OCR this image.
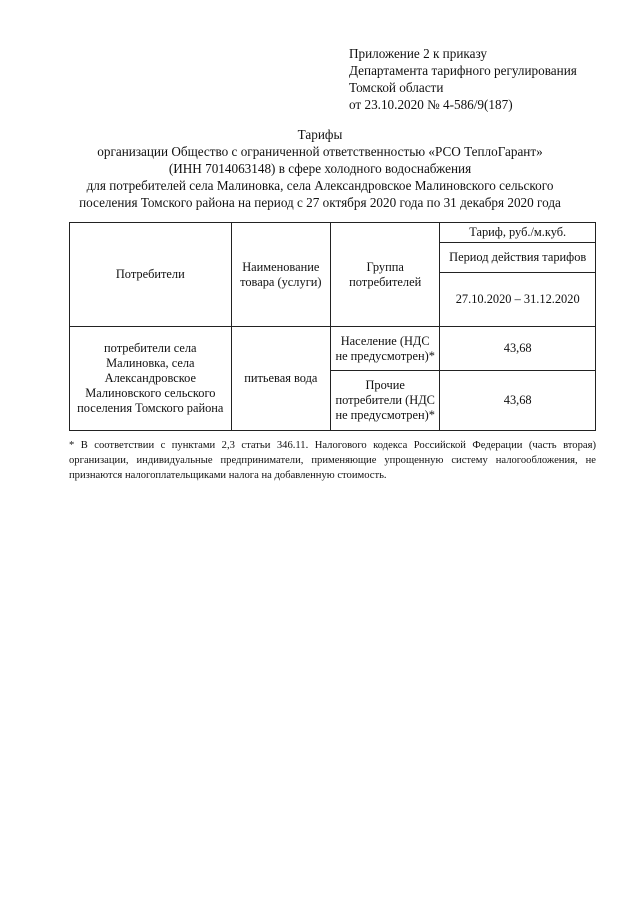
Приложение 2 к приказу
Департамента тарифного регулирования
Томской области
от 23.10.2020 № 4-586/9(187)
Тарифы
организации Общество с ограниченной ответственностью «РСО ТеплоГарант»
(ИНН 7014063148) в сфере холодного водоснабжения
для потребителей села Малиновка, села Александровское Малиновского сельского
поселения Томского района на период с 27 октября 2020 года по 31 декабря 2020 года
Потребители	Наименование товара (услуги)	Группа потребителей	Тариф, руб./м.куб.
			Период действия тарифов
			27.10.2020 – 31.12.2020
потребители села Малиновка, села Александровское Малиновского сельского поселения Томского района	питьевая вода	Население (НДС не предусмотрен)*	43,68
		Прочие потребители (НДС не предусмотрен)*	43,68
* В соответствии с пунктами 2,3 статьи 346.11. Налогового кодекса Российской Федерации (часть вторая) организации, индивидуальные предприниматели, применяющие упрощенную систему налогообложения, не признаются налогоплательщиками налога на добавленную стоимость.
